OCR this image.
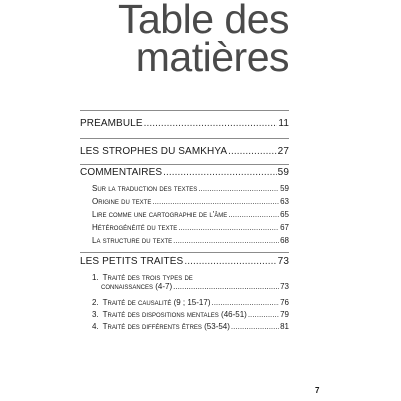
Table des
matières
PRÉAMBULE .....	11
LES STROPHES DU SAMKHYA .....	27
COMMENTAIRES .....	59
Sur la traduction des textes .....	59
Origine du texte .....	63
Lire comme une cartographie de l'âme .....	65
Hétérogénéité du texte .....	67
La structure du texte .....	68
LES PETITS TRAITÉS .....	73
1. Traité des trois types de
connaissances (4-7) .....	73
2. Traité de causalité (9 ; 15-17) .....	76
3. Traité des dispositions mentales (46-51) .....	79
4. Traité des différents êtres (53-54) .....	81
7
